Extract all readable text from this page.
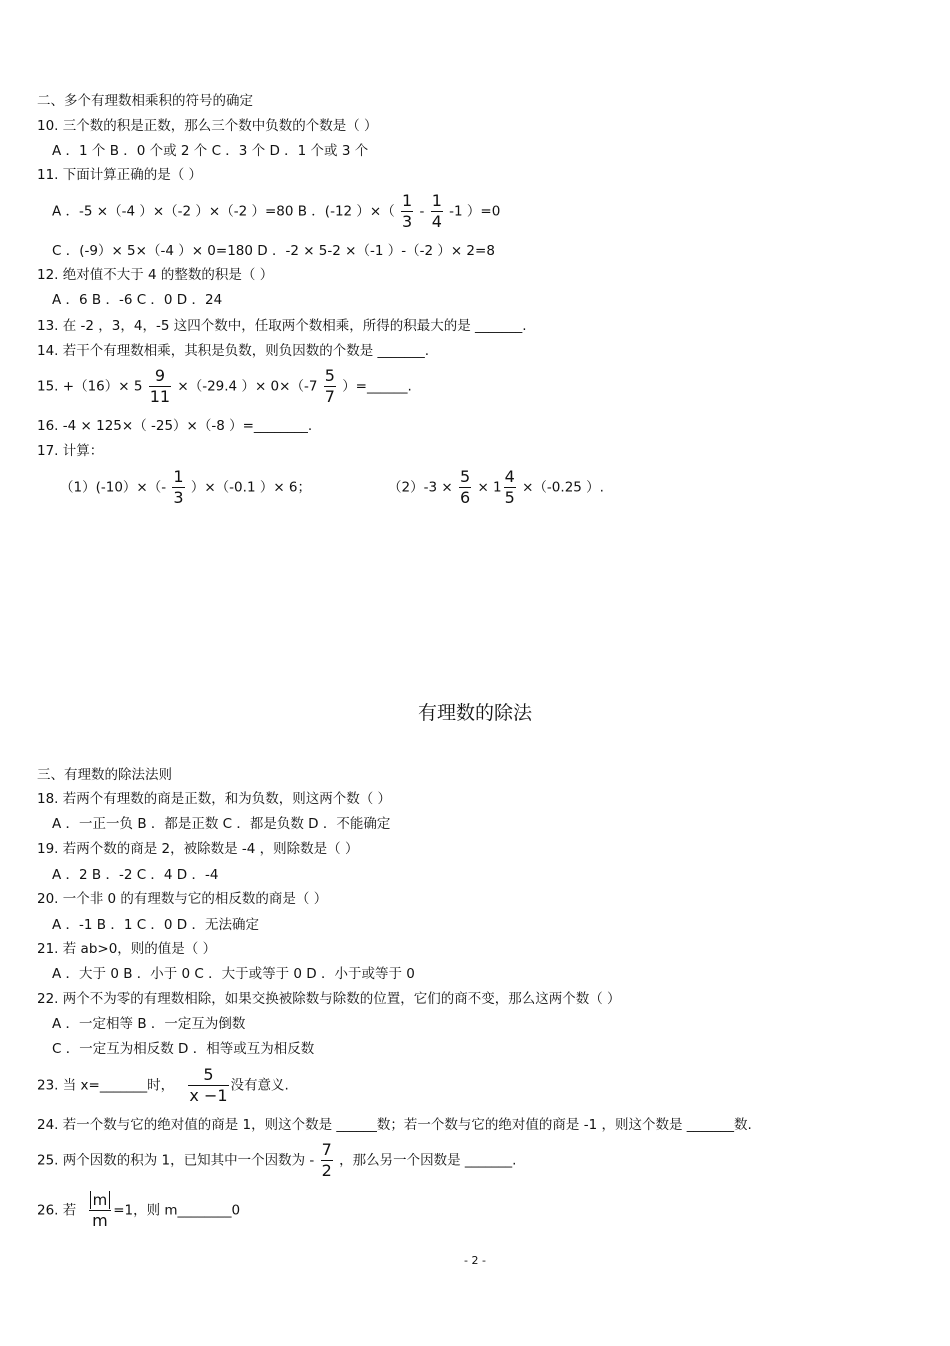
二、多个有理数相乘积的符号的确定
10. 三个数的积是正数，那么三个数中负数的个数是（ ）
A ．1 个 B ．0 个或 2 个 C ．3 个 D ．1 个或 3 个
11. 下面计算正确的是（ ）
A ．-5 ×（-4 ）×（-2 ）×（-2 ）=80 B ．(-12 ）×（ $\frac{1}{3} - \frac{1}{4} -1$ ）=0
C ．(-9）× 5×（-4 ）× 0=180 D ．-2 × 5-2 ×（-1 ）-（-2 ）× 2=8
12. 绝对值不大于 4 的整数的积是（ ）
A ．6 B ．-6 C ．0 D ．24
13. 在 -2 ，3，4，-5 这四个数中，任取两个数相乘，所得的积最大的是 _______.
14. 若干个有理数相乘，其积是负数，则负因数的个数是 _______.
15. $+(16)\times 5 \frac{9}{11} \times(-29.4$ ）× $0\times(-7 \frac{5}{7}$ ）=______.
16. -4 × 125×（ -25）×（-8 ）=________.
17. 计算：
$(1)(-10)\times(- \frac{1}{3} )\times(-0.1$ ）× 6；	$(2)-3 \times \frac{5}{6} \times 1 \frac{4}{5} \times(-0.25$ ）.
有理数的除法
三、有理数的除法法则
18. 若两个有理数的商是正数，和为负数，则这两个数（ ）
A ．一正一负 B ．都是正数 C ．都是负数 D ．不能确定
19. 若两个数的商是 2，被除数是 -4 ，则除数是（ ）
A ．2 B ．-2 C ．4 D ．-4
20. 一个非 0 的有理数与它的相反数的商是（ ）
A ．-1 B ．1 C ．0 D ．无法确定
21. 若 ab>0，则的值是（ ）
A ．大于 0 B ．小于 0 C ．大于或等于 0 D ．小于或等于 0
22. 两个不为零的有理数相除，如果交换被除数与除数的位置，它们的商不变，那么这两个数（ ）
A ．一定相等 B ．一定互为倒数
C ．一定互为相反数 D ．相等或互为相反数
23. 当 x=_______时， $\frac{5}{x -1}$ 没有意义.
24. 若一个数与它的绝对值的商是 1，则这个数是 ______数；若一个数与它的绝对值的商是 -1 ，则这个数是 _______数.
25. 两个因数的积为 1，已知其中一个因数为 - $\frac{7}{2}$ ，那么另一个因数是 _______.
26. 若 $\frac{m}{m} =1$，则 m________0
- 2 -
